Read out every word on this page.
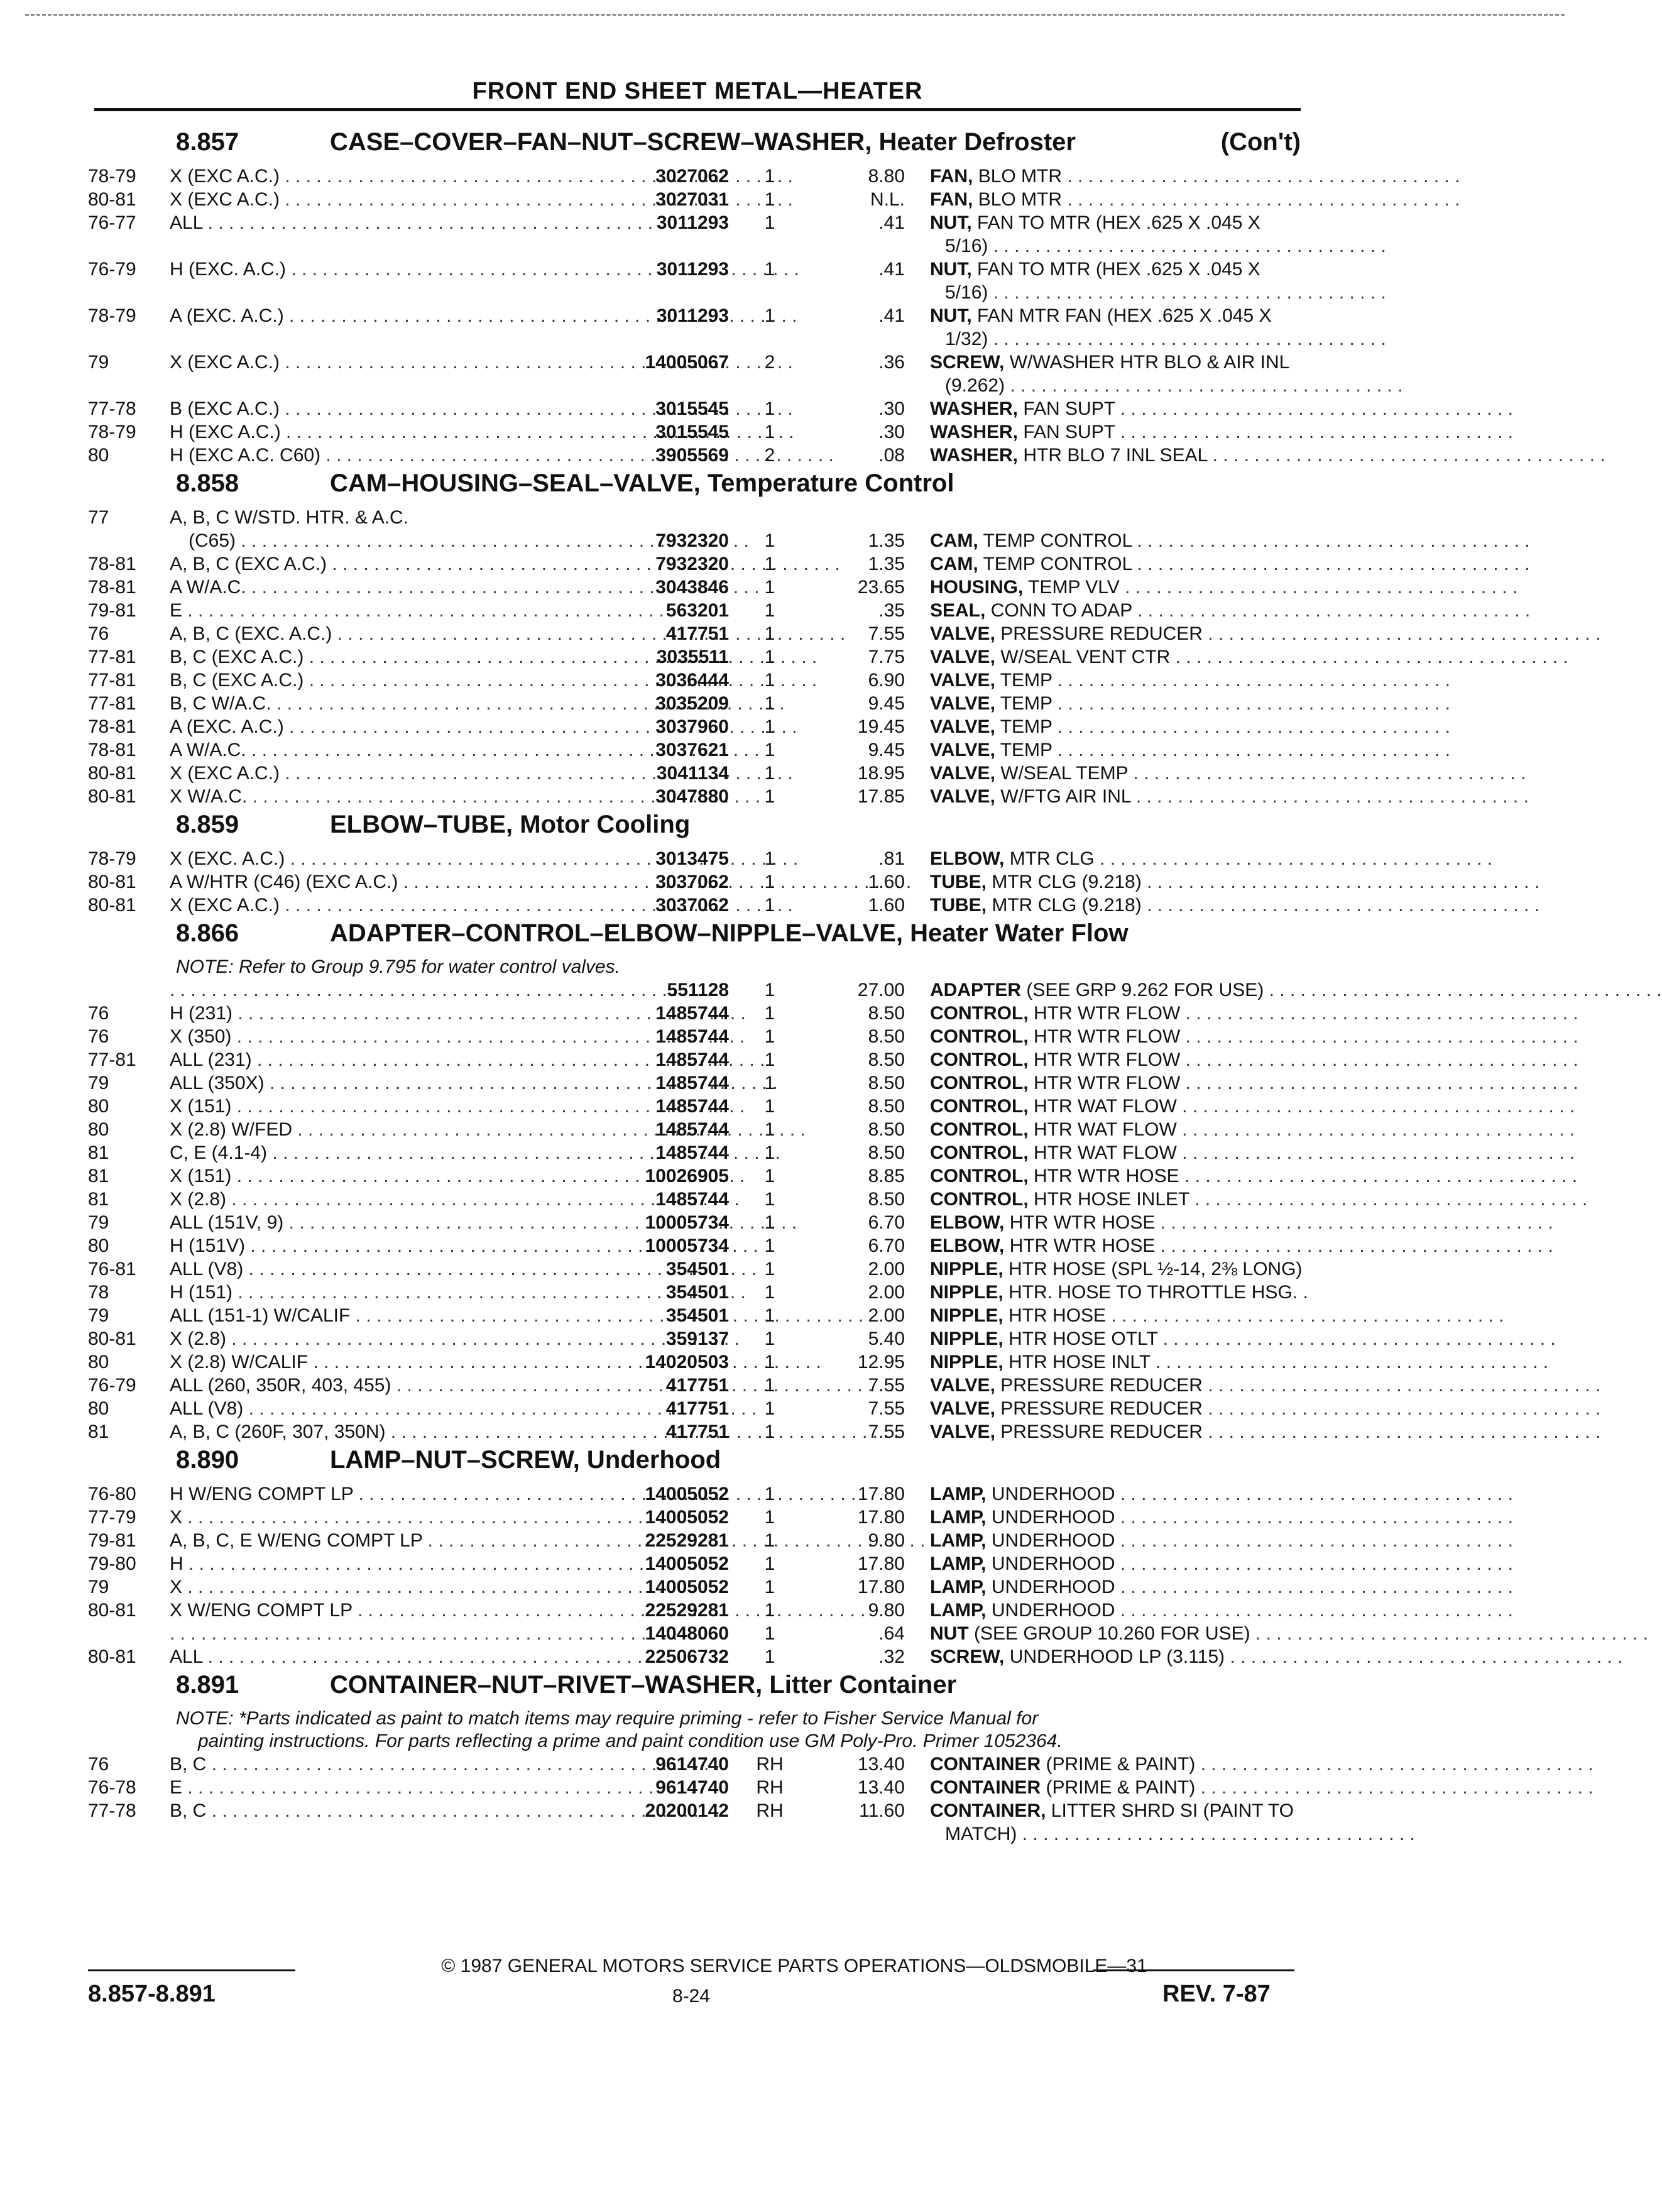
FRONT END SHEET METAL—HEATER
8.857	CASE–COVER–FAN–NUT–SCREW–WASHER, Heater Defroster	(Con't)
78-79	X (EXC A.C.) . . .	3027062	1	8.80 FAN, BLO MTR . . . . . . . . . . . . . . . . . . . . . . . . . . . . . . . . . . . . . .
80-81	X (EXC A.C.) . . .	3027031	1	N.L. FAN, BLO MTR . . . . . . . . . . . . . . . . . . . . . . . . . . . . . . . . . . . . . .
76-77	ALL . . .	3011293	1	.41 NUT, FAN TO MTR (HEX .625 X .045 X
5/16) . . . . . . . . . . . . . . . . . . . . . . . . . . . . . . . . . . . . . .
76-79	H (EXC. A.C.) . . .	3011293	1	.41 NUT, FAN TO MTR (HEX .625 X .045 X
5/16) . . . . . . . . . . . . . . . . . . . . . . . . . . . . . . . . . . . . . .
78-79	A (EXC. A.C.) . . .	3011293	1	.41 NUT, FAN MTR FAN (HEX .625 X .045 X
1/32) . . . . . . . . . . . . . . . . . . . . . . . . . . . . . . . . . . . . . .
79	X (EXC A.C.) . . .	14005067	2	.36 SCREW, W/WASHER HTR BLO & AIR INL
(9.262) . . . . . . . . . . . . . . . . . . . . . . . . . . . . . . . . . . . . . .
77-78	B (EXC A.C.) . . .	3015545	1	.30 WASHER, FAN SUPT . . . . . . . . . . . . . . . . . . . . . . . . . . . . . . . . . . . . . .
78-79	H (EXC A.C.) . . .	3015545	1	.30 WASHER, FAN SUPT . . . . . . . . . . . . . . . . . . . . . . . . . . . . . . . . . . . . . .
80	H (EXC A.C. C60) . . .	3905569	2	.08 WASHER, HTR BLO 7 INL SEAL . . . . . . . . . . . . . . . . . . . . . . . . . . . . . . . . . . . . . .
8.858	CAM–HOUSING–SEAL–VALVE, Temperature Control
77	A, B, C W/STD. HTR. & A.C.
(C65) . . .	7932320	1	1.35 CAM, TEMP CONTROL . . . . . . . . . . . . . . . . . . . . . . . . . . . . . . . . . . . . . .
78-81	A, B, C (EXC A.C.) . . .	7932320	1	1.35 CAM, TEMP CONTROL . . . . . . . . . . . . . . . . . . . . . . . . . . . . . . . . . . . . . .
78-81	A W/A.C. . . .	3043846	1	23.65 HOUSING, TEMP VLV . . . . . . . . . . . . . . . . . . . . . . . . . . . . . . . . . . . . . .
79-81	E . . .	563201	1	.35 SEAL, CONN TO ADAP . . . . . . . . . . . . . . . . . . . . . . . . . . . . . . . . . . . . . .
76	A, B, C (EXC. A.C.) . . .	417751	1	7.55 VALVE, PRESSURE REDUCER . . . . . . . . . . . . . . . . . . . . . . . . . . . . . . . . . . . . . .
77-81	B, C (EXC A.C.) . . .	3035511	1	7.75 VALVE, W/SEAL VENT CTR . . . . . . . . . . . . . . . . . . . . . . . . . . . . . . . . . . . . . .
77-81	B, C (EXC A.C.) . . .	3036444	1	6.90 VALVE, TEMP . . . . . . . . . . . . . . . . . . . . . . . . . . . . . . . . . . . . . .
77-81	B, C W/A.C. . . .	3035209	1	9.45 VALVE, TEMP . . . . . . . . . . . . . . . . . . . . . . . . . . . . . . . . . . . . . .
78-81	A (EXC. A.C.) . . .	3037960	1	19.45 VALVE, TEMP . . . . . . . . . . . . . . . . . . . . . . . . . . . . . . . . . . . . . .
78-81	A W/A.C. . . .	3037621	1	9.45 VALVE, TEMP . . . . . . . . . . . . . . . . . . . . . . . . . . . . . . . . . . . . . .
80-81	X (EXC A.C.) . . .	3041134	1	18.95 VALVE, W/SEAL TEMP . . . . . . . . . . . . . . . . . . . . . . . . . . . . . . . . . . . . . .
80-81	X W/A.C. . . .	3047880	1	17.85 VALVE, W/FTG AIR INL . . . . . . . . . . . . . . . . . . . . . . . . . . . . . . . . . . . . . .
8.859	ELBOW–TUBE, Motor Cooling
78-79	X (EXC. A.C.) . . .	3013475	1	.81 ELBOW, MTR CLG . . . . . . . . . . . . . . . . . . . . . . . . . . . . . . . . . . . . . .
80-81	A W/HTR (C46) (EXC A.C.) . . .	3037062	1	1.60 TUBE, MTR CLG (9.218) . . . . . . . . . . . . . . . . . . . . . . . . . . . . . . . . . . . . . .
80-81	X (EXC A.C.) . . .	3037062	1	1.60 TUBE, MTR CLG (9.218) . . . . . . . . . . . . . . . . . . . . . . . . . . . . . . . . . . . . . .
8.866	ADAPTER–CONTROL–ELBOW–NIPPLE–VALVE, Heater Water Flow
NOTE: Refer to Group 9.795 for water control valves.
. . .
551128	1	27.00 ADAPTER (SEE GRP 9.262 FOR USE) . . . . . . . . . . . . . . . . . . . . . . . . . . . . . . . . . . . . . .
76	H (231) . . .	1485744	1	8.50 CONTROL, HTR WTR FLOW . . . . . . . . . . . . . . . . . . . . . . . . . . . . . . . . . . . . . .
76	X (350) . . .	1485744	1	8.50 CONTROL, HTR WTR FLOW . . . . . . . . . . . . . . . . . . . . . . . . . . . . . . . . . . . . . .
77-81	ALL (231) . . .	1485744	1	8.50 CONTROL, HTR WTR FLOW . . . . . . . . . . . . . . . . . . . . . . . . . . . . . . . . . . . . . .
79	ALL (350X) . . .	1485744	1	8.50 CONTROL, HTR WTR FLOW . . . . . . . . . . . . . . . . . . . . . . . . . . . . . . . . . . . . . .
80	X (151) . . .	1485744	1	8.50 CONTROL, HTR WAT FLOW . . . . . . . . . . . . . . . . . . . . . . . . . . . . . . . . . . . . . .
80	X (2.8) W/FED . . .	1485744	1	8.50 CONTROL, HTR WAT FLOW . . . . . . . . . . . . . . . . . . . . . . . . . . . . . . . . . . . . . .
81	C, E (4.1-4) . . .	1485744	1	8.50 CONTROL, HTR WAT FLOW . . . . . . . . . . . . . . . . . . . . . . . . . . . . . . . . . . . . . .
81	X (151) . . .	10026905	1	8.85 CONTROL, HTR WTR HOSE . . . . . . . . . . . . . . . . . . . . . . . . . . . . . . . . . . . . . .
81	X (2.8) . . .	1485744	1	8.50 CONTROL, HTR HOSE INLET . . . . . . . . . . . . . . . . . . . . . . . . . . . . . . . . . . . . . .
79	ALL (151V, 9) . . .	10005734	1	6.70 ELBOW, HTR WTR HOSE . . . . . . . . . . . . . . . . . . . . . . . . . . . . . . . . . . . . . .
80	H (151V) . . .	10005734	1	6.70 ELBOW, HTR WTR HOSE . . . . . . . . . . . . . . . . . . . . . . . . . . . . . . . . . . . . . .
76-81	ALL (V8) . . .	354501	1	2.00 NIPPLE, HTR HOSE (SPL ½-14, 2⅜ LONG)
78	H (151) . . .	354501	1	2.00 NIPPLE, HTR. HOSE TO THROTTLE HSG. .
79	ALL (151-1) W/CALIF . . .	354501	1	2.00 NIPPLE, HTR HOSE . . . . . . . . . . . . . . . . . . . . . . . . . . . . . . . . . . . . . .
80-81	X (2.8) . . .	359137	1	5.40 NIPPLE, HTR HOSE OTLT . . . . . . . . . . . . . . . . . . . . . . . . . . . . . . . . . . . . . .
80	X (2.8) W/CALIF . . .	14020503	1	12.95 NIPPLE, HTR HOSE INLT . . . . . . . . . . . . . . . . . . . . . . . . . . . . . . . . . . . . . .
76-79	ALL (260, 350R, 403, 455) . . .	417751	1	7.55 VALVE, PRESSURE REDUCER . . . . . . . . . . . . . . . . . . . . . . . . . . . . . . . . . . . . . .
80	ALL (V8) . . .	417751	1	7.55 VALVE, PRESSURE REDUCER . . . . . . . . . . . . . . . . . . . . . . . . . . . . . . . . . . . . . .
81	A, B, C (260F, 307, 350N) . . .	417751	1	7.55 VALVE, PRESSURE REDUCER . . . . . . . . . . . . . . . . . . . . . . . . . . . . . . . . . . . . . .
8.890	LAMP–NUT–SCREW, Underhood
76-80	H W/ENG COMPT LP . . .	14005052	1	17.80 LAMP, UNDERHOOD . . . . . . . . . . . . . . . . . . . . . . . . . . . . . . . . . . . . . .
77-79	X . . .	14005052	1	17.80 LAMP, UNDERHOOD . . . . . . . . . . . . . . . . . . . . . . . . . . . . . . . . . . . . . .
79-81	A, B, C, E W/ENG COMPT LP . . .	22529281	1	9.80 LAMP, UNDERHOOD . . . . . . . . . . . . . . . . . . . . . . . . . . . . . . . . . . . . . .
79-80	H . . .	14005052	1	17.80 LAMP, UNDERHOOD . . . . . . . . . . . . . . . . . . . . . . . . . . . . . . . . . . . . . .
79	X . . .	14005052	1	17.80 LAMP, UNDERHOOD . . . . . . . . . . . . . . . . . . . . . . . . . . . . . . . . . . . . . .
80-81	X W/ENG COMPT LP . . .	22529281	1	9.80 LAMP, UNDERHOOD . . . . . . . . . . . . . . . . . . . . . . . . . . . . . . . . . . . . . .
. . .
14048060	1	.64 NUT (SEE GROUP 10.260 FOR USE) . . . . . . . . . . . . . . . . . . . . . . . . . . . . . . . . . . . . . .
80-81	ALL . . .	22506732	1	.32 SCREW, UNDERHOOD LP (3.115) . . . . . . . . . . . . . . . . . . . . . . . . . . . . . . . . . . . . . .
8.891	CONTAINER–NUT–RIVET–WASHER, Litter Container
NOTE: *Parts indicated as paint to match items may require priming - refer to Fisher Service Manual for
painting instructions. For parts reflecting a prime and paint condition use GM Poly-Pro. Primer 1052364.
76	B, C . . .	9614740	RH	13.40 CONTAINER (PRIME & PAINT) . . . . . . . . . . . . . . . . . . . . . . . . . . . . . . . . . . . . . .
76-78	E . . .	9614740	RH	13.40 CONTAINER (PRIME & PAINT) . . . . . . . . . . . . . . . . . . . . . . . . . . . . . . . . . . . . . .
77-78	B, C . . .	20200142	RH	11.60 CONTAINER, LITTER SHRD SI (PAINT TO
MATCH) . . . . . . . . . . . . . . . . . . . . . . . . . . . . . . . . . . . . . .
© 1987 GENERAL MOTORS SERVICE PARTS OPERATIONS—OLDSMOBILE—31
8.857-8.891	8-24	REV. 7-87
